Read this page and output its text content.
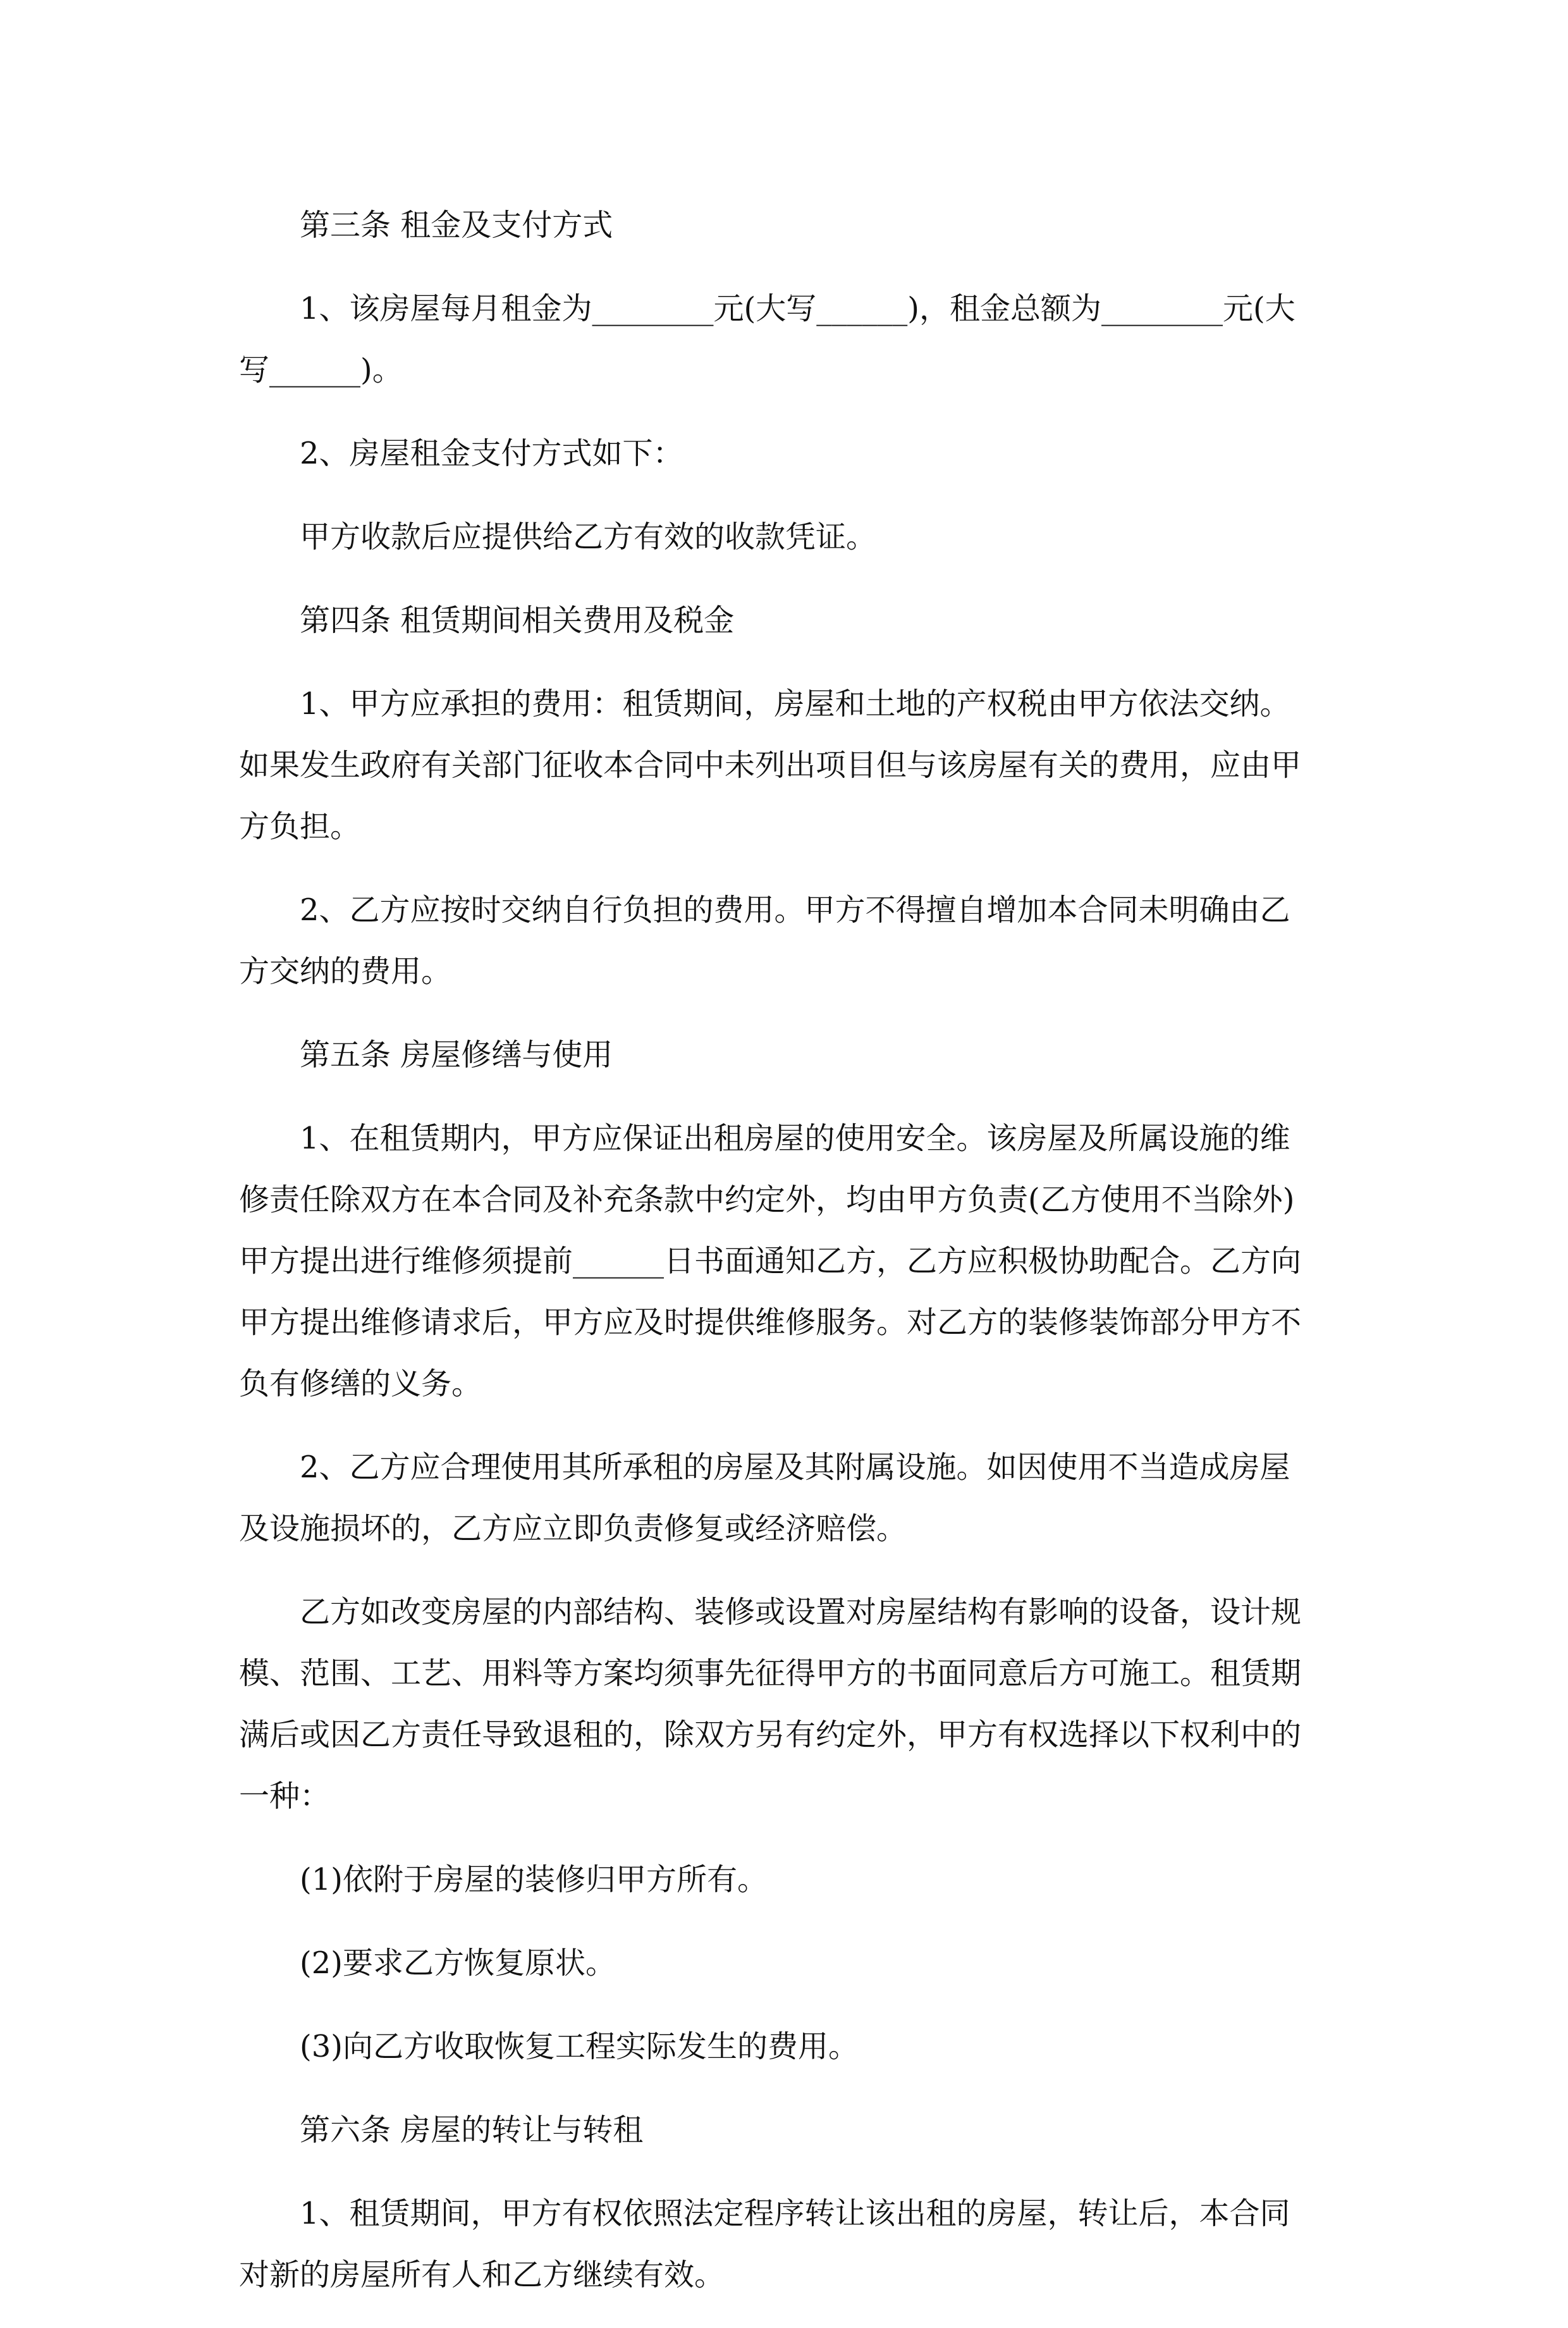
第三条 租金及支付方式
1、该房屋每月租金为________元(大写______)，租金总额为________元(大
写______)。
2、房屋租金支付方式如下：
甲方收款后应提供给乙方有效的收款凭证。
第四条 租赁期间相关费用及税金
1、甲方应承担的费用：租赁期间，房屋和土地的产权税由甲方依法交纳。
如果发生政府有关部门征收本合同中未列出项目但与该房屋有关的费用，应由甲
方负担。
2、乙方应按时交纳自行负担的费用。甲方不得擅自增加本合同未明确由乙
方交纳的费用。
第五条 房屋修缮与使用
1、在租赁期内，甲方应保证出租房屋的使用安全。该房屋及所属设施的维
修责任除双方在本合同及补充条款中约定外，均由甲方负责(乙方使用不当除外)
甲方提出进行维修须提前______日书面通知乙方，乙方应积极协助配合。乙方向
甲方提出维修请求后，甲方应及时提供维修服务。对乙方的装修装饰部分甲方不
负有修缮的义务。
2、乙方应合理使用其所承租的房屋及其附属设施。如因使用不当造成房屋
及设施损坏的，乙方应立即负责修复或经济赔偿。
乙方如改变房屋的内部结构、装修或设置对房屋结构有影响的设备，设计规
模、范围、工艺、用料等方案均须事先征得甲方的书面同意后方可施工。租赁期
满后或因乙方责任导致退租的，除双方另有约定外，甲方有权选择以下权利中的
一种：
(1)依附于房屋的装修归甲方所有。
(2)要求乙方恢复原状。
(3)向乙方收取恢复工程实际发生的费用。
第六条 房屋的转让与转租
1、租赁期间，甲方有权依照法定程序转让该出租的房屋，转让后，本合同
对新的房屋所有人和乙方继续有效。
